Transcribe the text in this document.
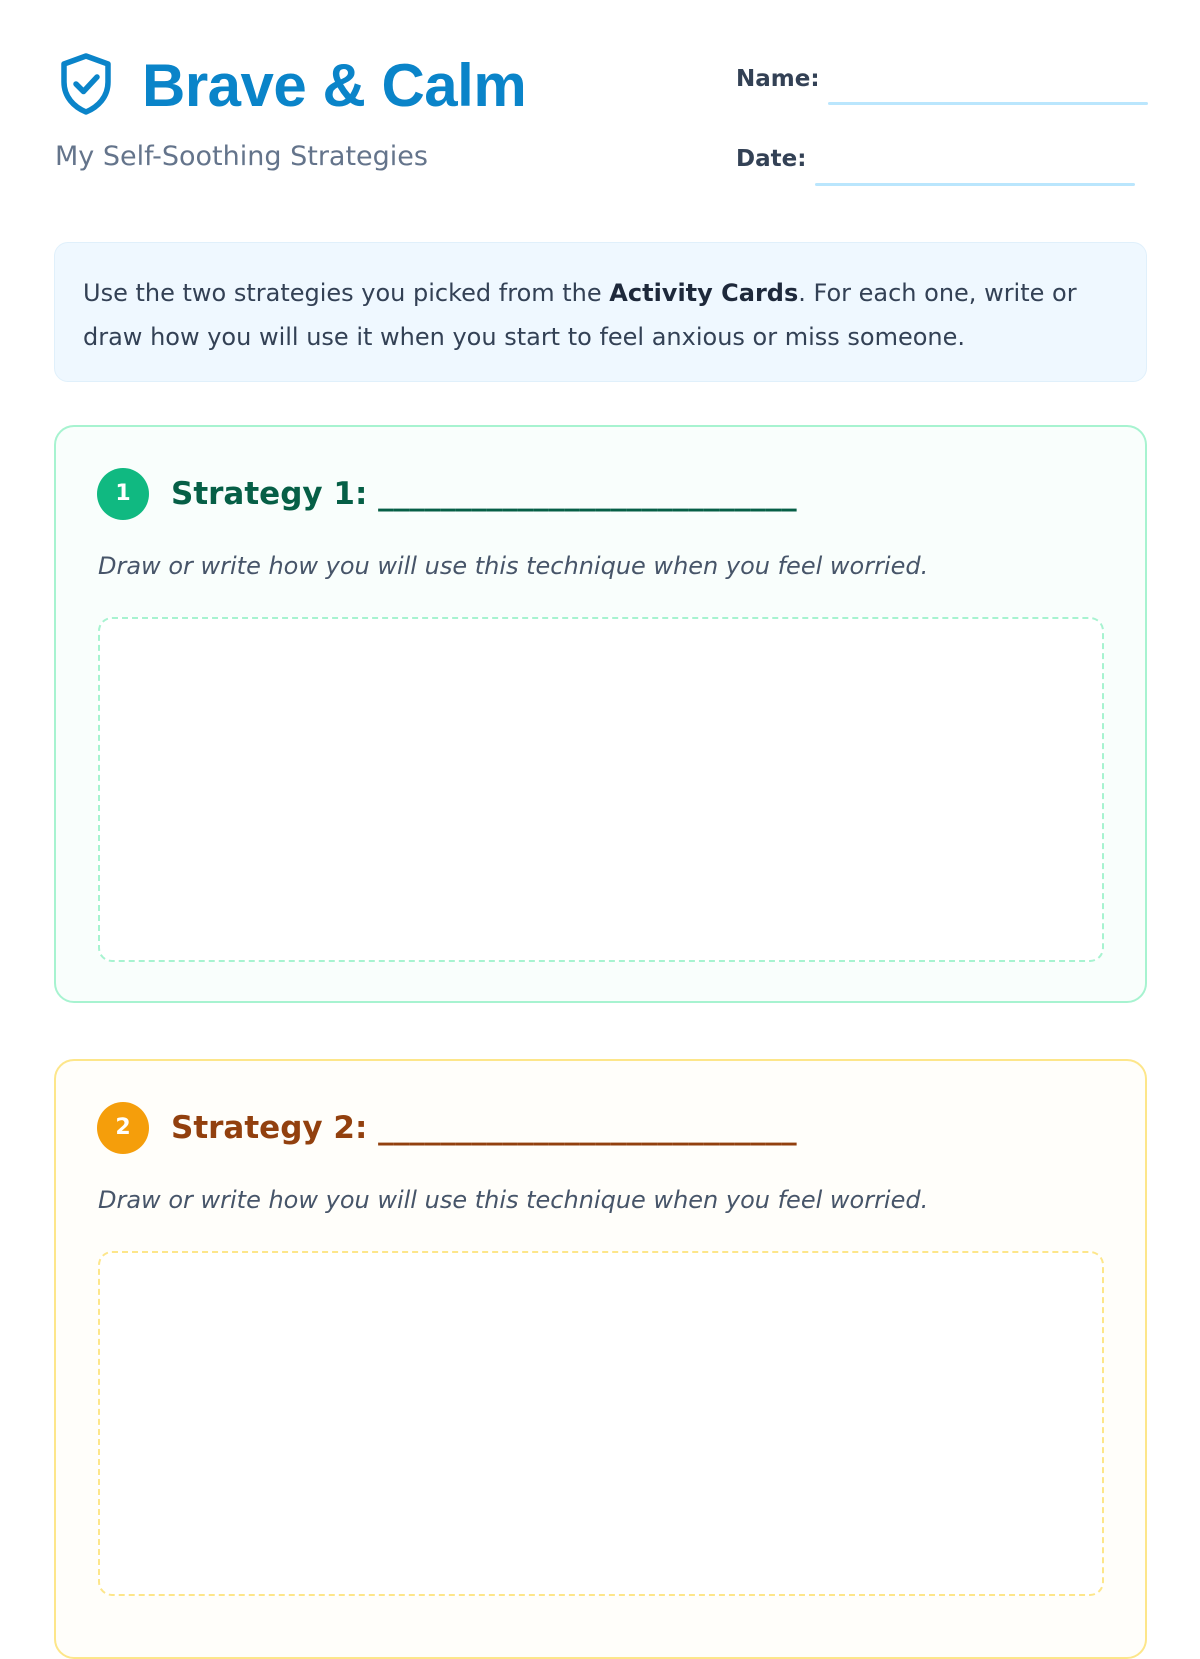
Brave & Calm
My Self-Soothing Strategies
Name:
Date:
Use the two strategies you picked from the Activity Cards. For each one, write or draw how you will use it when you start to feel anxious or miss someone.
1	Strategy 1: ___________________________
Draw or write how you will use this technique when you feel worried.
2	Strategy 2: ___________________________
Draw or write how you will use this technique when you feel worried.
